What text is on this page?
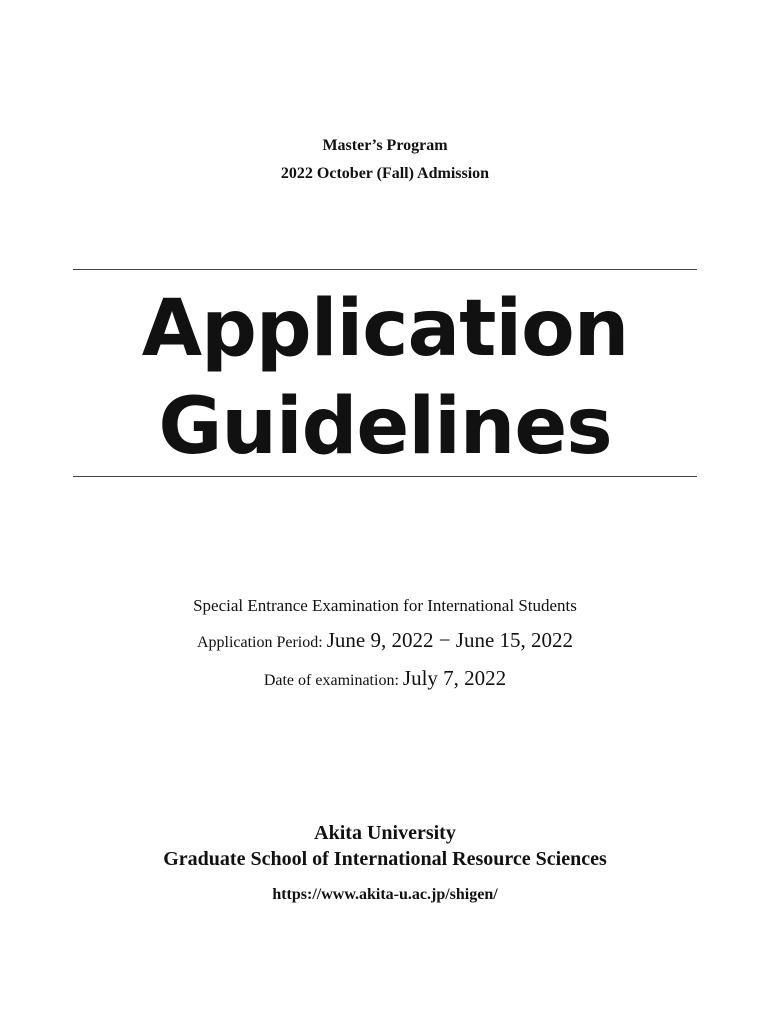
Master’s Program
2022 October (Fall) Admission
Application
Guidelines
Special Entrance Examination for International Students
Application Period: June 9, 2022 − June 15, 2022
Date of examination: July 7, 2022
Akita University
Graduate School of International Resource Sciences
https://www.akita-u.ac.jp/shigen/
